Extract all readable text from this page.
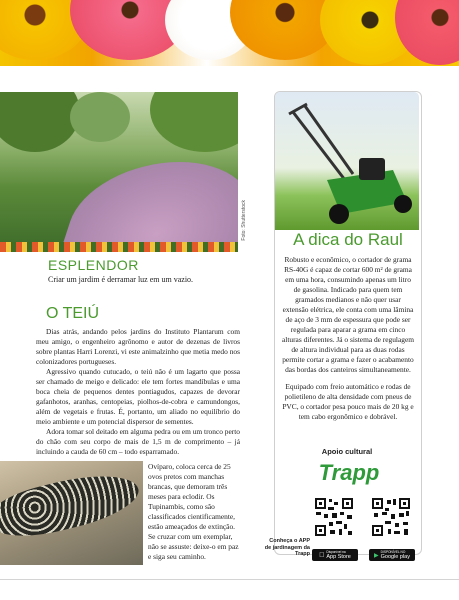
Foto: Shutterstock
ESPLENDOR
Criar um jardim é derramar luz em um vazio.
O TEIÚ

Dias atrás, andando pelos jardins do Instituto Plantarum com meu amigo, o engenheiro agrônomo e autor de dezenas de livros sobre plantas Harri Lorenzi, vi este animalzinho que metia medo nos colonizadores portugueses.

Agressivo quando cutucado, o teiú não é um lagarto que possa ser chamado de meigo e delicado: ele tem fortes mandíbulas e uma boca cheia de pequenos dentes pontiagudos, capazes de devorar gafanhotos, aranhas, centopeias, piolhos-de-cobra e camundongos, além de vegetais e frutas. É, portanto, um aliado no equilíbrio do meio ambiente e um potencial dispersor de sementes.

Adora tomar sol deitado em alguma pedra ou em um tronco perto do chão com seu corpo de mais de 1,5 m de comprimento – já incluindo a cauda de 60 cm – todo esparramado.

Ovíparo, coloca cerca de 25 ovos pretos com manchas brancas, que demoram três meses para eclodir. Os Tupinambis, como são classificados cientificamente, estão ameaçados de extinção. Se cruzar com um exemplar, não se assuste: deixe-o em paz e siga seu caminho.

A dica do Raul

Robusto e econômico, o cortador de grama RS-40G é capaz de cortar 600 m² de grama em uma hora, consumindo apenas um litro de gasolina. Indicado para quem tem gramados medianos e não quer usar extensão elétrica, ele conta com uma lâmina de aço de 3 mm de espessura que pode ser regulada para aparar a grama em cinco alturas diferentes. Já o sistema de regulagem de altura individual para as duas rodas permite cortar a grama e fazer o acabamento das bordas dos canteiros simultaneamente.

Equipado com freio automático e rodas de polietileno de alta densidade com pneus de PVC, o cortador pesa pouco mais de 20 kg e tem cabo ergonômico e dobrável.

Apoio cultural
Trapp
Conheça o APP de jardinagem da Trapp	Disponível na
App Store	▶
DISPONÍVEL NO
Google play
